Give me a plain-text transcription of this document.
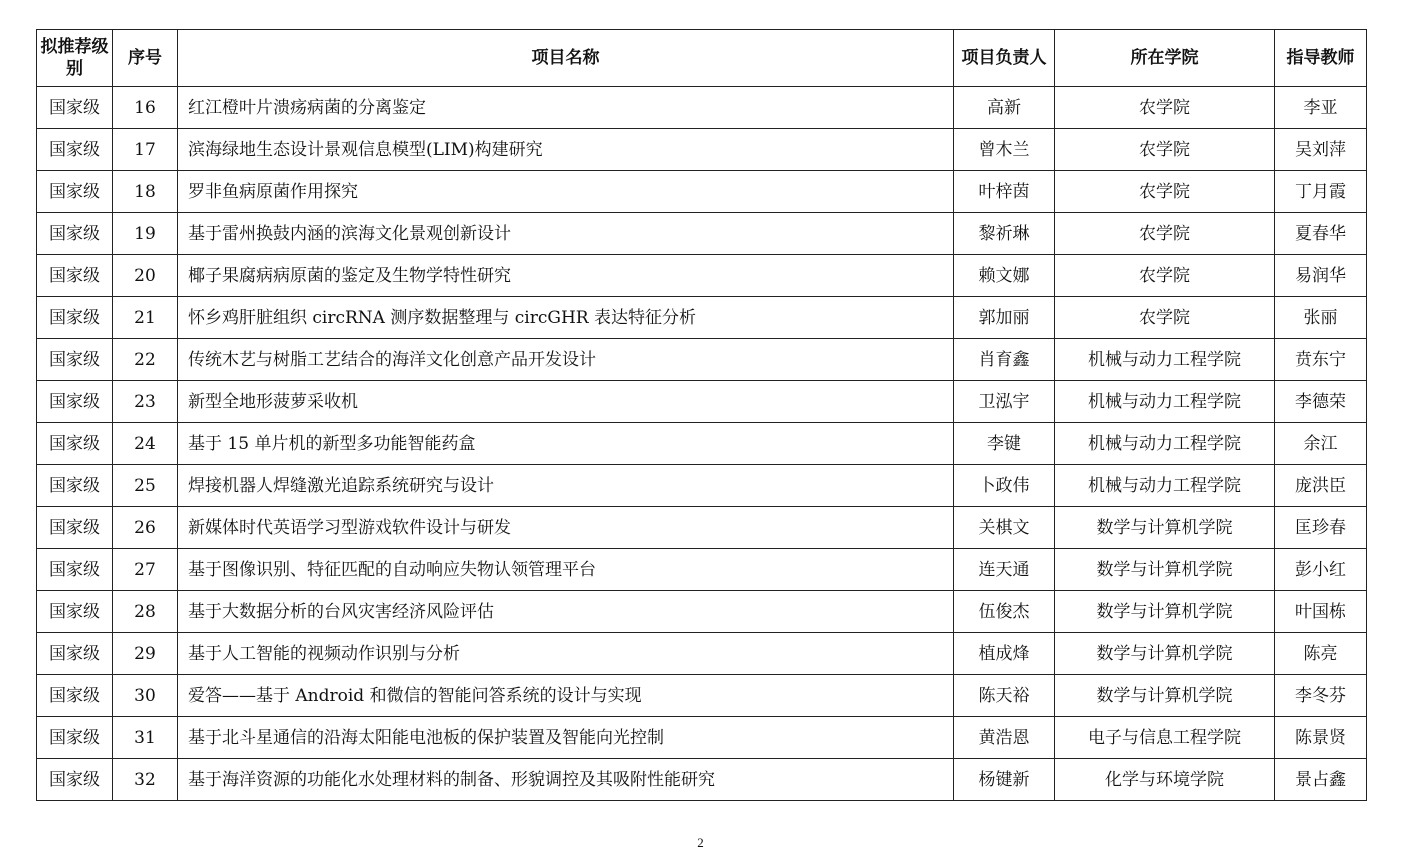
拟推荐级别	序号	项目名称	项目负责人	所在学院	指导教师
国家级	16	红江橙叶片溃疡病菌的分离鉴定	高新	农学院	李亚
国家级	17	滨海绿地生态设计景观信息模型(LIM)构建研究	曾木兰	农学院	吴刘萍
国家级	18	罗非鱼病原菌作用探究	叶梓茵	农学院	丁月霞
国家级	19	基于雷州换鼓内涵的滨海文化景观创新设计	黎祈琳	农学院	夏春华
国家级	20	椰子果腐病病原菌的鉴定及生物学特性研究	赖文娜	农学院	易润华
国家级	21	怀乡鸡肝脏组织 circRNA 测序数据整理与 circGHR 表达特征分析	郭加丽	农学院	张丽
国家级	22	传统木艺与树脂工艺结合的海洋文化创意产品开发设计	肖育鑫	机械与动力工程学院	贲东宁
国家级	23	新型全地形菠萝采收机	卫泓宇	机械与动力工程学院	李德荣
国家级	24	基于 15 单片机的新型多功能智能药盒	李键	机械与动力工程学院	余江
国家级	25	焊接机器人焊缝激光追踪系统研究与设计	卜政伟	机械与动力工程学院	庞洪臣
国家级	26	新媒体时代英语学习型游戏软件设计与研发	关棋文	数学与计算机学院	匡珍春
国家级	27	基于图像识别、特征匹配的自动响应失物认领管理平台	连天通	数学与计算机学院	彭小红
国家级	28	基于大数据分析的台风灾害经济风险评估	伍俊杰	数学与计算机学院	叶国栋
国家级	29	基于人工智能的视频动作识别与分析	植成烽	数学与计算机学院	陈亮
国家级	30	爱答——基于 Android 和微信的智能问答系统的设计与实现	陈天裕	数学与计算机学院	李冬芬
国家级	31	基于北斗星通信的沿海太阳能电池板的保护装置及智能向光控制	黄浩恩	电子与信息工程学院	陈景贤
国家级	32	基于海洋资源的功能化水处理材料的制备、形貌调控及其吸附性能研究	杨键新	化学与环境学院	景占鑫
2
